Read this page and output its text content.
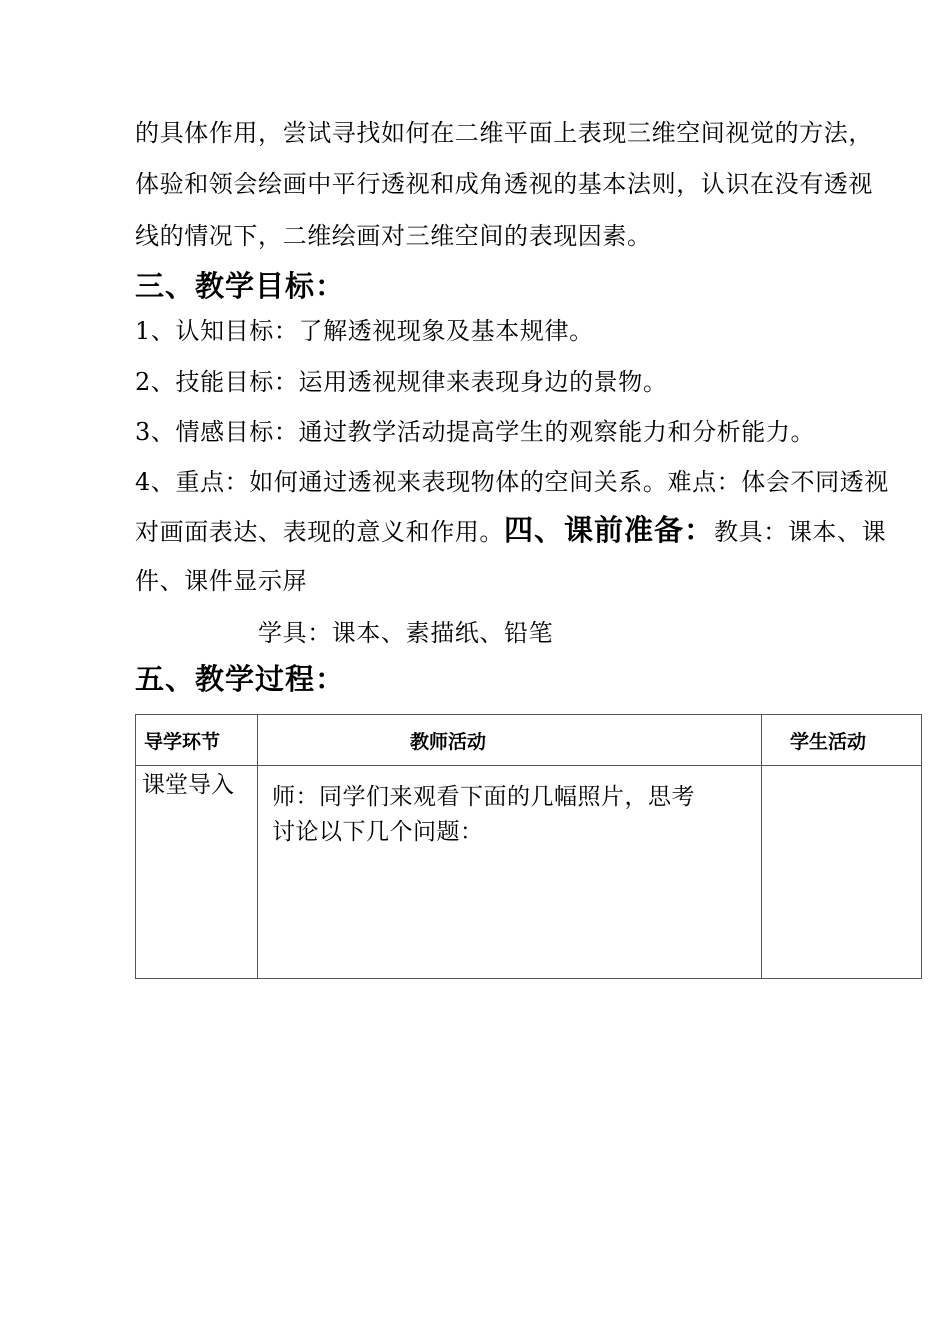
的具体作用，尝试寻找如何在二维平面上表现三维空间视觉的方法，
体验和领会绘画中平行透视和成角透视的基本法则，认识在没有透视
线的情况下，二维绘画对三维空间的表现因素。
三、教学目标：
1、认知目标：了解透视现象及基本规律。
2、技能目标：运用透视规律来表现身边的景物。
3、情感目标：通过教学活动提高学生的观察能力和分析能力。
4、重点：如何通过透视来表现物体的空间关系。难点：体会不同透视
对画面表达、表现的意义和作用。四、课前准备：教具：课本、课
件、课件显示屏
学具：课本、素描纸、铅笔
五、教学过程：
导学环节	教师活动	学生活动
课堂导入	师：同学们来观看下面的几幅照片，思考
讨论以下几个问题：	
